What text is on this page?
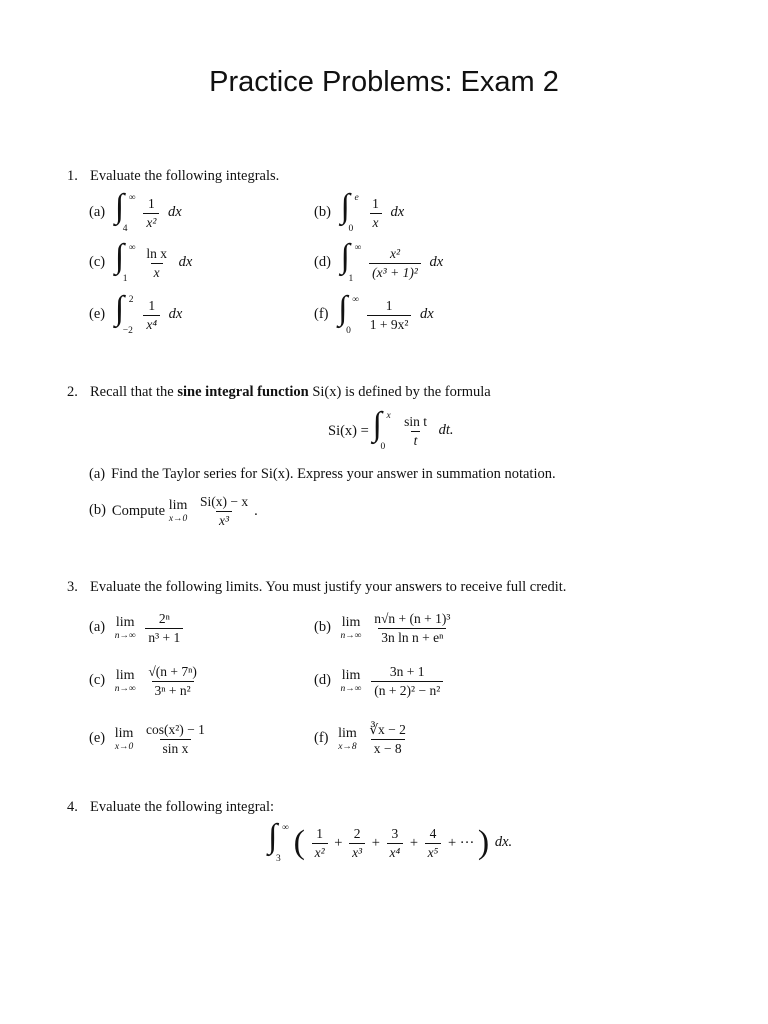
Practice Problems: Exam 2
1. Evaluate the following integrals.
(a) ∫ ∞
4
$\frac{1}{\text{x²}}$ dx	(b) ∫ e
0
$\frac{1}{x}$ dx
(c) ∫ ∞
1
$\frac{\text{ln x}}{x}$ dx	(d) ∫ ∞
1
$\frac{\text{x²}}{\text{(x³ + 1)²}}$ dx
(e) ∫ 2
−2
$\frac{1}{\text{x⁴}}$ dx	(f) ∫ ∞
0
$\frac{1}{\text{1 + 9x²}}$ dx
2. Recall that the sine integral function Si(x) is defined by the formula
Si(x) = ∫ x
0
$\frac{\text{sin t}}{t}$ dt.
(a) Find the Taylor series for Si(x). Express your answer in summation notation.
(b) Compute lim
x→0
$\frac{Si(x) - x}{\text{x³}}$ .
3. Evaluate the following limits. You must justify your answers to receive full credit.
(a) lim
n→∞
$\frac{\text{2ⁿ}}{\text{n³ + 1}}$	(b) lim
n→∞
$\frac{\text{n√n + (n + 1)³}}{\text{3n ln n + eⁿ}}$
(c) lim
n→∞
$\frac{\text{√(n + 7ⁿ)}}{\text{3ⁿ + n²}}$	(d) lim
n→∞
$\frac{3n + 1}{\text{(n + 2)² − n²}}$
(e) lim
x→0
$\frac{\text{cos(x²) − 1}}{\text{sin x}}$	(f) lim
x→8
$\frac{∛x - 2}{x - 8}$
4. Evaluate the following integral:
∫ ∞
3 ( $\frac{1}{\text{x²}} + \frac{2}{\text{x³}} + \frac{3}{\text{x⁴}} + \frac{4}{\text{x⁵}}$ + ··· ) dx.
